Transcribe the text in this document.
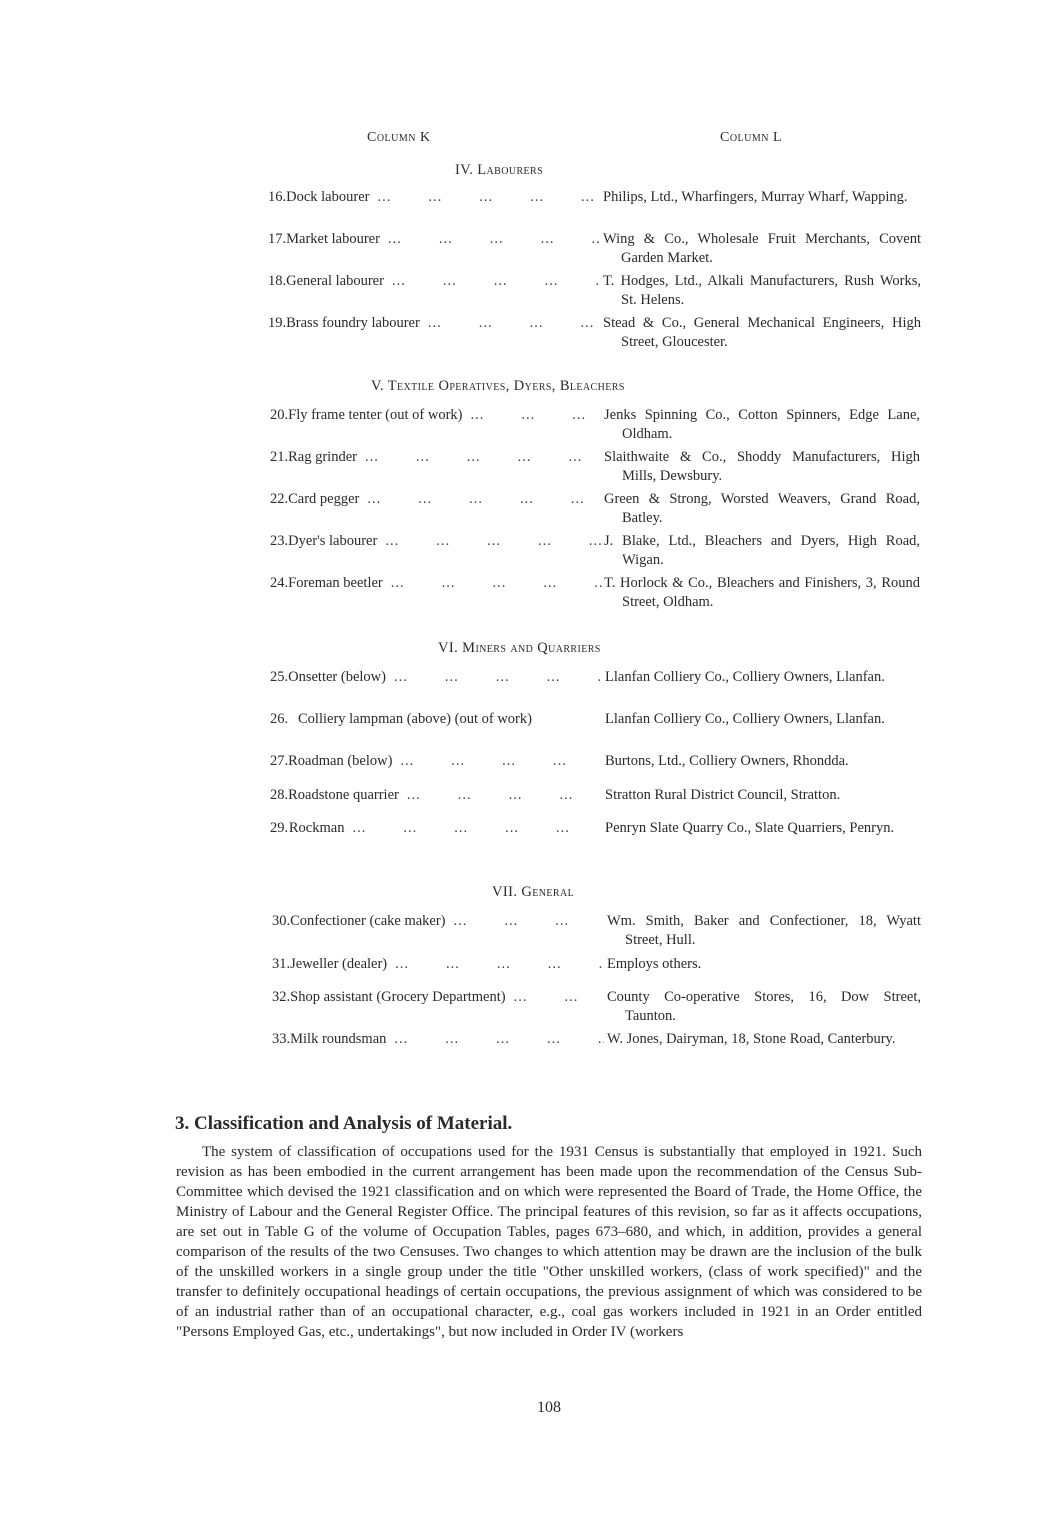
Column K	Column L
IV. Labourers
16. Dock labourer ...	Philips, Ltd., Wharfingers, Murray Wharf, Wapping.
17. Market labourer ...	Wing & Co., Wholesale Fruit Merchants, Covent Garden Market.
18. General labourer ...	T. Hodges, Ltd., Alkali Manufacturers, Rush Works, St. Helens.
19. Brass foundry labourer ...	Stead & Co., General Mechanical Engineers, High Street, Gloucester.
V. Textile Operatives, Dyers, Bleachers
20. Fly frame tenter (out of work) ...	Jenks Spinning Co., Cotton Spinners, Edge Lane, Oldham.
21. Rag grinder ...	Slaithwaite & Co., Shoddy Manufacturers, High Mills, Dewsbury.
22. Card pegger ...	Green & Strong, Worsted Weavers, Grand Road, Batley.
23. Dyer's labourer ...	J. Blake, Ltd., Bleachers and Dyers, High Road, Wigan.
24. Foreman beetler ...	T. Horlock & Co., Bleachers and Finishers, 3, Round Street, Oldham.
VI. Miners and Quarriers
25. Onsetter (below) ...	Llanfan Colliery Co., Colliery Owners, Llanfan.
26. Colliery lampman (above) (out of work)	Llanfan Colliery Co., Colliery Owners, Llanfan.
27. Roadman (below) ...	Burtons, Ltd., Colliery Owners, Rhondda.
28. Roadstone quarrier ...	Stratton Rural District Council, Stratton.
29. Rockman ...	Penryn Slate Quarry Co., Slate Quarriers, Penryn.
VII. General
30. Confectioner (cake maker) ...	Wm. Smith, Baker and Confectioner, 18, Wyatt Street, Hull.
31. Jeweller (dealer) ...	Employs others.
32. Shop assistant (Grocery Department) ...	County Co-operative Stores, 16, Dow Street, Taunton.
33. Milk roundsman ...	W. Jones, Dairyman, 18, Stone Road, Canterbury.
3. Classification and Analysis of Material.
The system of classification of occupations used for the 1931 Census is substantially that employed in 1921. Such revision as has been embodied in the current arrangement has been made upon the recommendation of the Census Sub-Committee which devised the 1921 classification and on which were represented the Board of Trade, the Home Office, the Ministry of Labour and the General Register Office. The principal features of this revision, so far as it affects occupations, are set out in Table G of the volume of Occupation Tables, pages 673–680, and which, in addition, provides a general comparison of the results of the two Censuses. Two changes to which attention may be drawn are the inclusion of the bulk of the unskilled workers in a single group under the title "Other unskilled workers, (class of work specified)" and the transfer to definitely occupational headings of certain occupations, the previous assignment of which was considered to be of an industrial rather than of an occupational character, e.g., coal gas workers included in 1921 in an Order entitled "Persons Employed Gas, etc., undertakings", but now included in Order IV (workers
108
